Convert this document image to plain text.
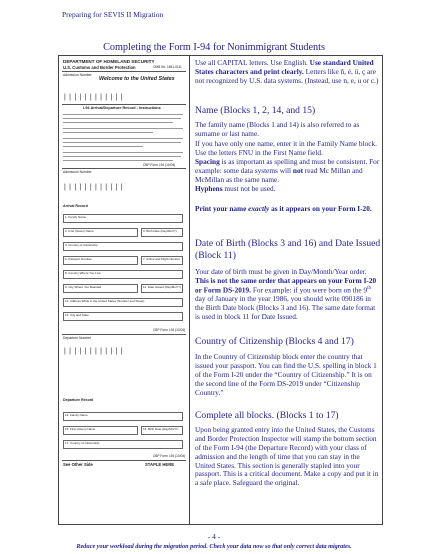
Preparing for SEVIS II Migration
Completing the Form I-94 for Nonimmigrant Students
DEPARTMENT OF HOMELAND SECURITY
U.S. Customs and Border Protection	OMB No. 1651-0111
Admission Number
Welcome to the United States
| | | | | | | | | | | |
I-94 Arrival/Departure Record - Instructions
CBP Form I-94 (10/04)
Admission Number
| | | | | | | | | | | |
Arrival Record
1. Family Name
2. First (Given) Name	3. Birth Date (Day/Mo/Yr)
4. Country of Citizenship
6. Passport Number	7. Airline and Flight Number
8. Country Where You Live
9. City Where You Boarded	11. Date Issued (Day/Mo/Yr)
12. Address While in the United States (Number and Street)
13. City and State
CBP Form I-94 (10/04)
Departure Number
| | | | | | | | | | | |
Departure Record
14. Family Name
15. First (Given) Name	16. Birth Date (Day/Mo/Yr)
17. Country of Citizenship
CBP Form I-94 (10/04)
See Other Side	STAPLE HERE
Use all CAPITAL letters. Use English. Use standard United States characters and print clearly. Letters like ñ, é, ü, ç are not recognized by U.S. data systems. (Instead, use n, e, u or c.)
Name (Blocks 1, 2, 14, and 15)
The family name (Blocks 1 and 14) is also referred to as surname or last name.
If you have only one name, enter it in the Family Name block. Use the letters FNU in the First Name field.
Spacing is as important as spelling and must be consistent. For example: some data systems will not read Mc Millan and McMillan as the same name.
Hyphens must not be used.
Print your name exactly as it appears on your Form I-20.
Date of Birth (Blocks 3 and 16) and Date Issued (Block 11)
Your date of birth must be given in Day/Month/Year order. This is not the same order that appears on your Form I-20 or Form DS-2019. For example: if you were born on the 9th day of January in the year 1986, you should write 090186 in the Birth Date block (Blocks 3 and 16). The same date format is used in block 11 for Date Issued.
Country of Citizenship (Blocks 4 and 17)
In the Country of Citizenship block enter the country that issued your passport. You can find the U.S. spelling in block 1 of the Form I-20 under the “Country of Citizenship.” It is on the second line of the Form DS-2019 under “Citizenship Country.”
Complete all blocks. (Blocks 1 to 17)
Upon being granted entry into the United States, the Customs and Border Protection Inspector will stamp the bottom section of the Form I-94 (the Departure Record) with your class of admission and the length of time that you can stay in the United States. This section is generally stapled into your passport. This is a critical document. Make a copy and put it in a safe place. Safeguard the original.
- 4 -
Reduce your workload during the migration period. Check your data now so that only correct data migrates.
